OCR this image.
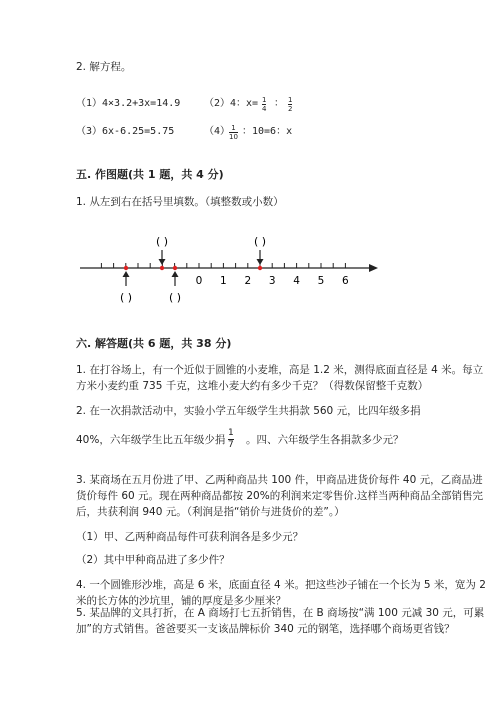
2. 解方程。
（1）4×3.2+3x=14.9 （2）4：x= 1
4 ： 1
2
（3）6x-6.25=5.75	（4） 1
10 ：10=6：x
五. 作图题(共 1 题，共 4 分)
1. 从左到右在括号里填数。（填整数或小数）
0 1 2 3 4 5 6
( )	( )
( )	( )
六. 解答题(共 6 题，共 38 分)
1. 在打谷场上，有一个近似于圆锥的小麦堆，高是 1.2 米，测得底面直径是 4 米。每立方米小麦约重 735 千克，这堆小麦大约有多少千克？（得数保留整千克数）
2. 在一次捐款活动中，实验小学五年级学生共捐款 560 元，比四年级多捐
40%，六年级学生比五年级少捐
1
7 。四、六年级学生各捐款多少元？
3. 某商场在五月份进了甲、乙两种商品共 100 件，甲商品进货价每件 40 元，乙商品进货价每件 60 元。现在两种商品都按 20%的利润来定零售价.这样当两种商品全部销售完后，共获利润 940 元。（利润是指“销价与进货价的差”。）
（1）甲、乙两种商品每件可获利润各是多少元？
（2）其中甲种商品进了多少件？
4. 一个圆锥形沙堆，高是 6 米，底面直径 4 米。把这些沙子铺在一个长为 5 米，宽为 2 米的长方体的沙坑里，铺的厚度是多少厘米？
5. 某品牌的文具打折，在 A 商场打七五折销售，在 B 商场按“满 100 元减 30 元，可累加”的方式销售。爸爸要买一支该品牌标价 340 元的钢笔，选择哪个商场更省钱？
